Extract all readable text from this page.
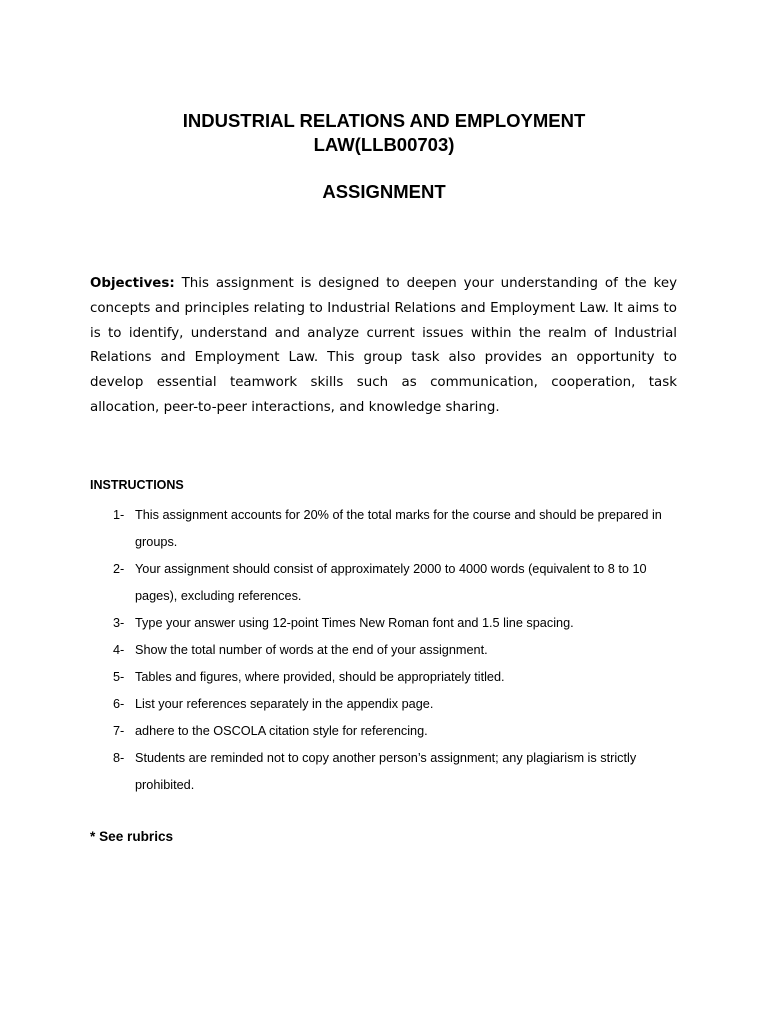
INDUSTRIAL RELATIONS AND EMPLOYMENT
LAW(LLB00703)
ASSIGNMENT

Objectives: This assignment is designed to deepen your understanding of the key concepts and principles relating to Industrial Relations and Employment Law. It aims to is to identify, understand and analyze current issues within the realm of Industrial Relations and Employment Law. This group task also provides an opportunity to develop essential teamwork skills such as communication, cooperation, task allocation, peer-to-peer interactions, and knowledge sharing.

INSTRUCTIONS
1- This assignment accounts for 20% of the total marks for the course and should be prepared in groups.
2- Your assignment should consist of approximately 2000 to 4000 words (equivalent to 8 to 10 pages), excluding references.
3- Type your answer using 12-point Times New Roman font and 1.5 line spacing.
4- Show the total number of words at the end of your assignment.
5- Tables and figures, where provided, should be appropriately titled.
6- List your references separately in the appendix page.
7- adhere to the OSCOLA citation style for referencing.
8- Students are reminded not to copy another person’s assignment; any plagiarism is strictly prohibited.
* See rubrics
